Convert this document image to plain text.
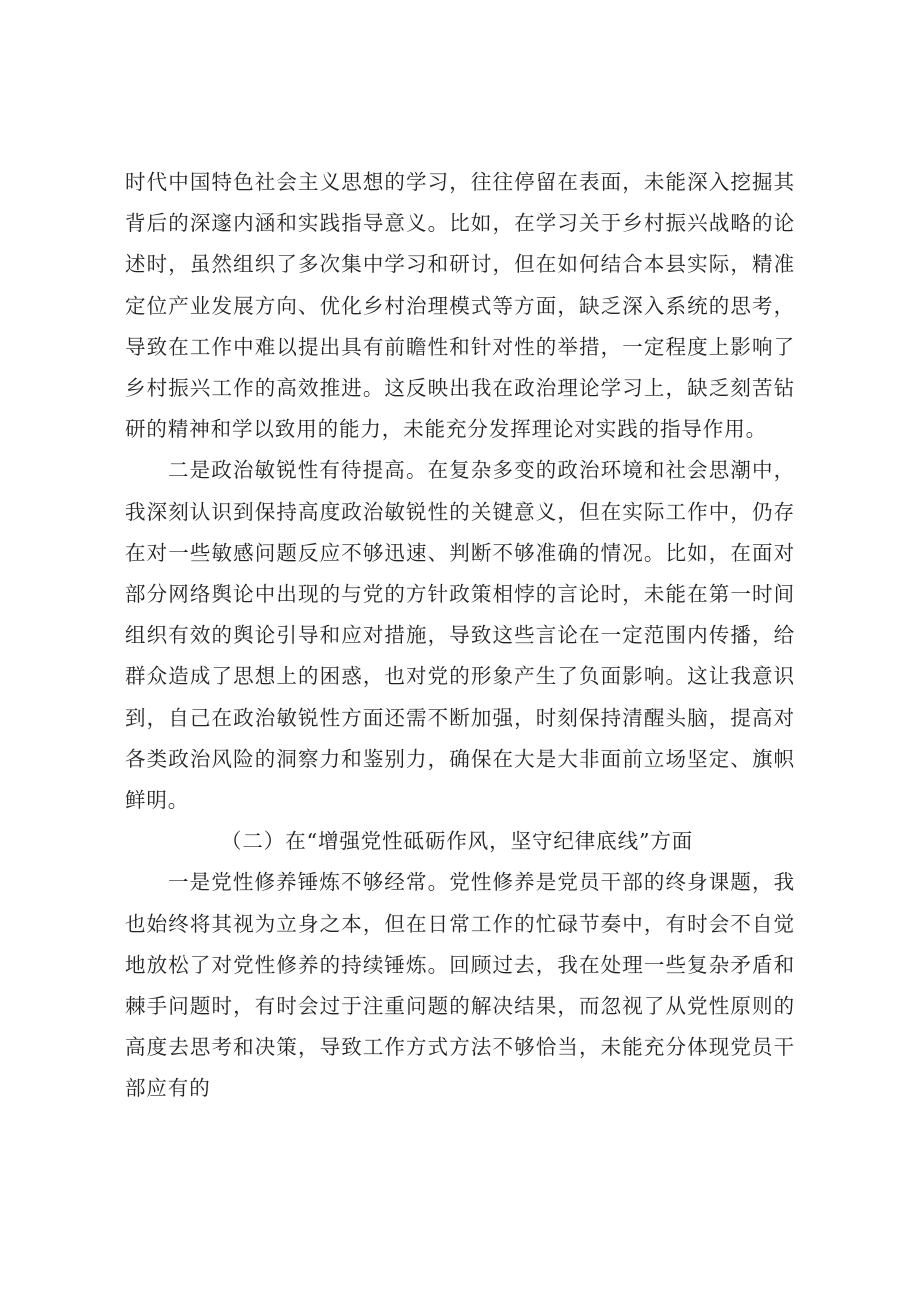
时代中国特色社会主义思想的学习，往往停留在表面，未能深入挖掘其背后的深邃内涵和实践指导意义。比如，在学习关于乡村振兴战略的论述时，虽然组织了多次集中学习和研讨，但在如何结合本县实际，精准定位产业发展方向、优化乡村治理模式等方面，缺乏深入系统的思考，导致在工作中难以提出具有前瞻性和针对性的举措，一定程度上影响了乡村振兴工作的高效推进。这反映出我在政治理论学习上，缺乏刻苦钻研的精神和学以致用的能力，未能充分发挥理论对实践的指导作用。

二是政治敏锐性有待提高。在复杂多变的政治环境和社会思潮中，我深刻认识到保持高度政治敏锐性的关键意义，但在实际工作中，仍存在对一些敏感问题反应不够迅速、判断不够准确的情况。比如，在面对部分网络舆论中出现的与党的方针政策相悖的言论时，未能在第一时间组织有效的舆论引导和应对措施，导致这些言论在一定范围内传播，给群众造成了思想上的困惑，也对党的形象产生了负面影响。这让我意识到，自己在政治敏锐性方面还需不断加强，时刻保持清醒头脑，提高对各类政治风险的洞察力和鉴别力，确保在大是大非面前立场坚定、旗帜鲜明。

（二）在“增强党性砥砺作风，坚守纪律底线”方面

一是党性修养锤炼不够经常。党性修养是党员干部的终身课题，我也始终将其视为立身之本，但在日常工作的忙碌节奏中，有时会不自觉地放松了对党性修养的持续锤炼。回顾过去，我在处理一些复杂矛盾和棘手问题时，有时会过于注重问题的解决结果，而忽视了从党性原则的高度去思考和决策，导致工作方式方法不够恰当，未能充分体现党员干部应有的
